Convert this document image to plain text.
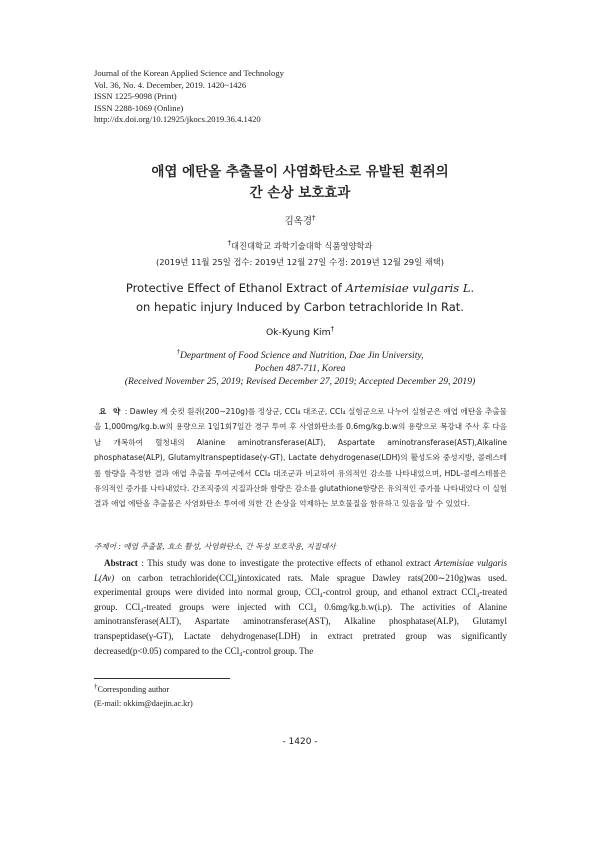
Journal of the Korean Applied Science and Technology
Vol. 36, No. 4. December, 2019. 1420~1426
ISSN 1225-9098 (Print)
ISSN 2288-1069 (Online)
http://dx.doi.org/10.12925/jkocs.2019.36.4.1420
애엽 에탄올 추출물이 사염화탄소로 유발된 흰쥐의
간 손상 보호효과
김옥경†
†대진대학교 과학기술대학 식품영양학과
(2019년 11월 25일 접수: 2019년 12월 27일 수정: 2019년 12월 29일 채택)
Protective Effect of Ethanol Extract of Artemisiae vulgaris L.
on hepatic injury Induced by Carbon tetrachloride In Rat.
Ok-Kyung Kim†
†Department of Food Science and Nutrition, Dae Jin University,
Pochen 487-711, Korea
(Received November 25, 2019; Revised December 27, 2019; Accepted December 29, 2019)
요 약 : Dawley 계 숫컷 흰쥐(200∼210g)를 정상군, CCl₄ 대조군, CCl₄ 실험군으로 나누어 실험군은 애엽 에탄올 추출물을 1,000mg/kg.b.w의 용량으로 1일1회7일간 경구 투여 후 사염화탄소를 0.6mg/kg.b.w의 용량으로 복강내 주사 후 다음날 개복하여 혈청내의 Alanine aminotransferase(ALT), Aspartate aminotransferase(AST),Alkaline phosphatase(ALP), Glutamyltranspeptidase(γ-GT), Lactate dehydrogenase(LDH)의 활성도와 중성지방, 콜레스테롤 함량을 측정한 결과 애엽 추출물 투여군에서 CCl₄ 대조군과 비교하여 유의적인 감소를 나타내었으며, HDL-콜레스테롤은 유의적인 증가를 나타내었다. 간조직중의 지질과산화 함량은 감소를 glutathione함량은 유의적인 증가를 나타내었다 이 실험 결과 애엽 에탄올 추출물은 사염화탄소 투여에 의한 간 손상을 억제하는 보호물질을 함유하고 있음을 알 수 있었다.
주제어 : 애엽 추출물, 효소 활성, 사염화탄소, 간 독성 보호작용, 지질대사
Abstract : This study was done to investigate the protective effects of ethanol extract Artemisiae vulgaris L(Av) on carbon tetrachloride(CCl₄)intoxicated rats. Male sprague Dawley rats(200∼210g)was used. experimental groups were divided into normal group, CCl₄-control group, and ethanol extract CCl₄-treated group. CCl₄-treated groups were injected with CCl₄ 0.6mg/kg.b.w(i.p). The activities of Alanine aminotransferase(ALT), Aspartate aminotransferase(AST), Alkaline phosphatase(ALP), Glutamyl transpeptidase(γ-GT), Lactate dehydrogenase(LDH) in extract pretrated group was significantly decreased(p<0.05) compared to the CCl₄-control group. The
†Corresponding author
(E-mail: okkim@daejin.ac.kr)
- 1420 -
